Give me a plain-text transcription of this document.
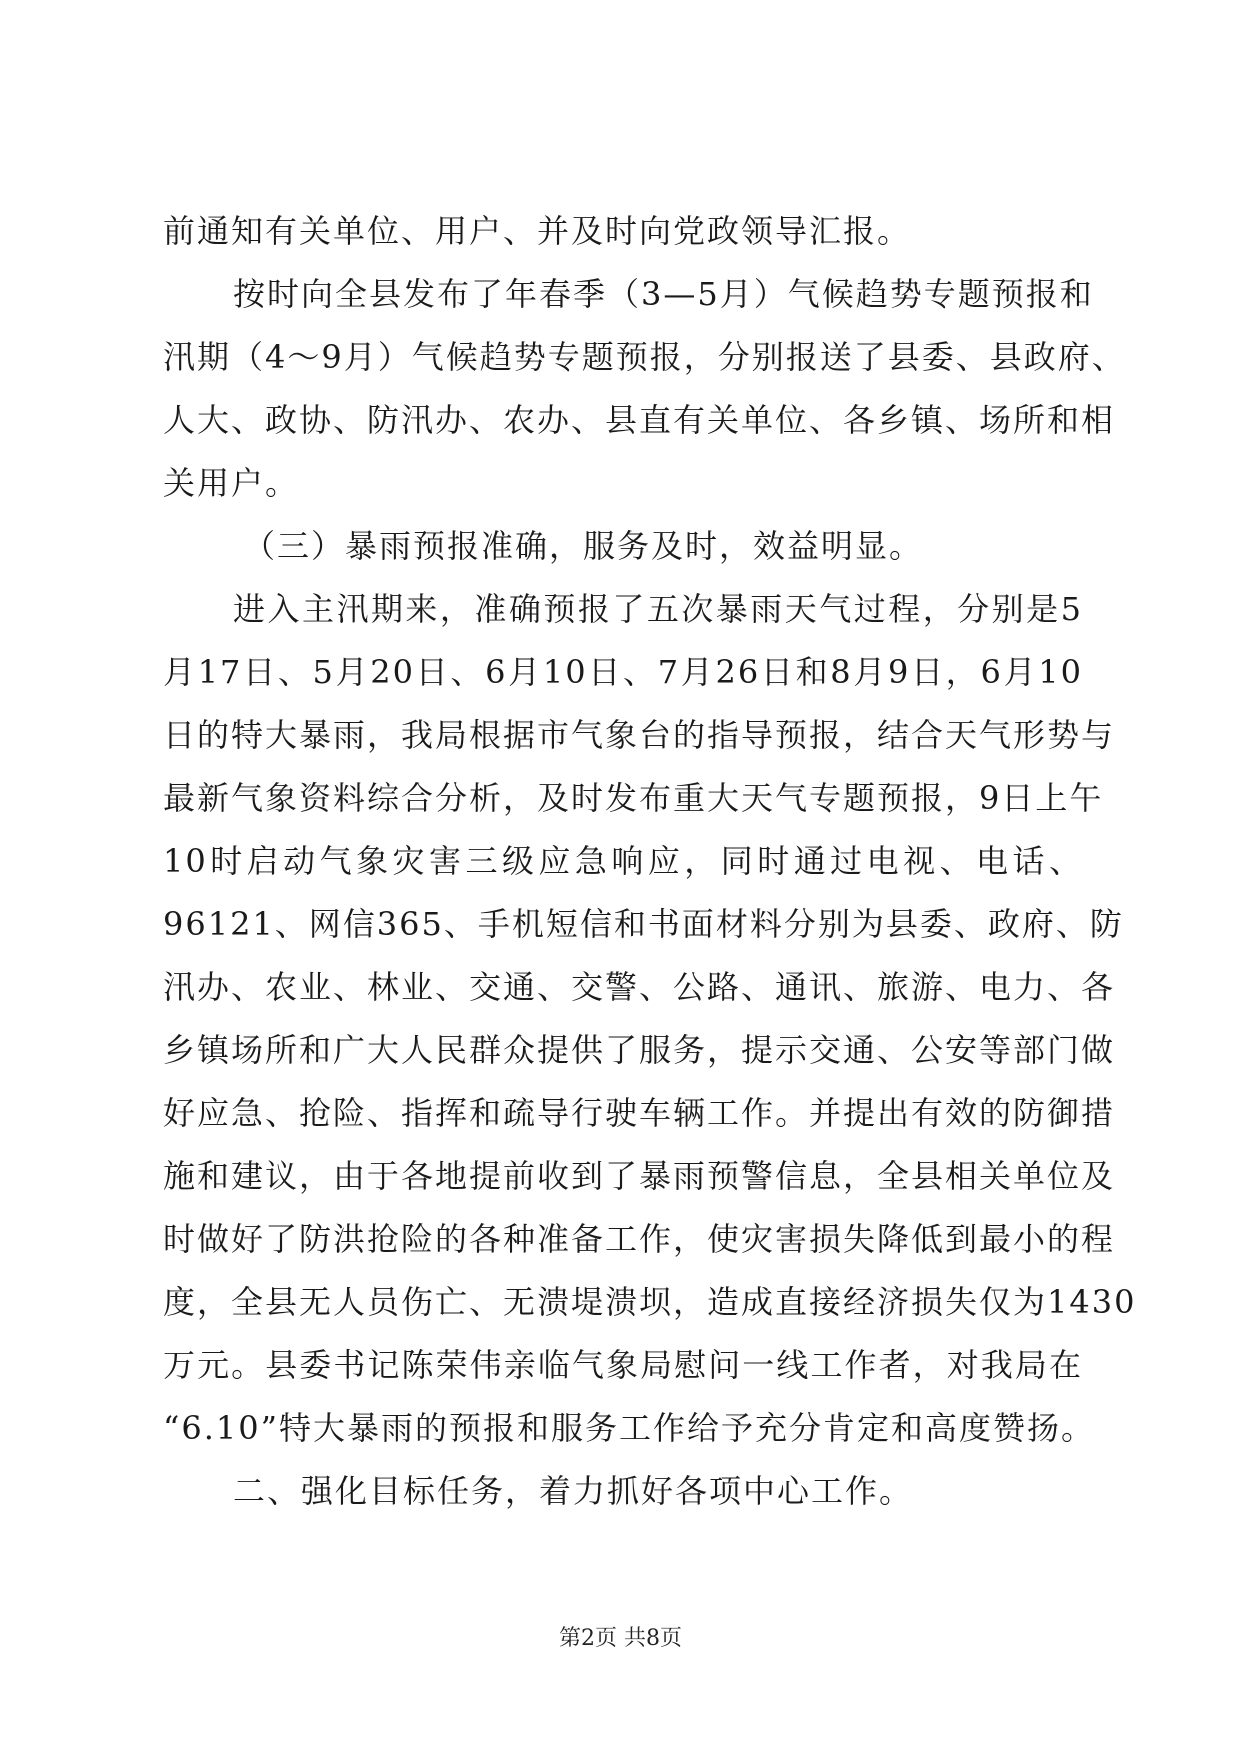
前通知有关单位、用户、并及时向党政领导汇报。
按时向全县发布了年春季（3—5月）气候趋势专题预报和
汛期（4～9月）气候趋势专题预报，分别报送了县委、县政府、
人大、政协、防汛办、农办、县直有关单位、各乡镇、场所和相
关用户。
（三）暴雨预报准确，服务及时，效益明显。
进入主汛期来，准确预报了五次暴雨天气过程，分别是5
月17日、5月20日、6月10日、7月26日和8月9日，6月10
日的特大暴雨，我局根据市气象台的指导预报，结合天气形势与
最新气象资料综合分析，及时发布重大天气专题预报，9日上午
10时启动气象灾害三级应急响应，同时通过电视、电话、
96121、网信365、手机短信和书面材料分别为县委、政府、防
汛办、农业、林业、交通、交警、公路、通讯、旅游、电力、各
乡镇场所和广大人民群众提供了服务，提示交通、公安等部门做
好应急、抢险、指挥和疏导行驶车辆工作。并提出有效的防御措
施和建议，由于各地提前收到了暴雨预警信息，全县相关单位及
时做好了防洪抢险的各种准备工作，使灾害损失降低到最小的程
度，全县无人员伤亡、无溃堤溃坝，造成直接经济损失仅为1430
万元。县委书记陈荣伟亲临气象局慰问一线工作者，对我局在
“6.10”特大暴雨的预报和服务工作给予充分肯定和高度赞扬。
二、强化目标任务，着力抓好各项中心工作。
第2页 共8页
